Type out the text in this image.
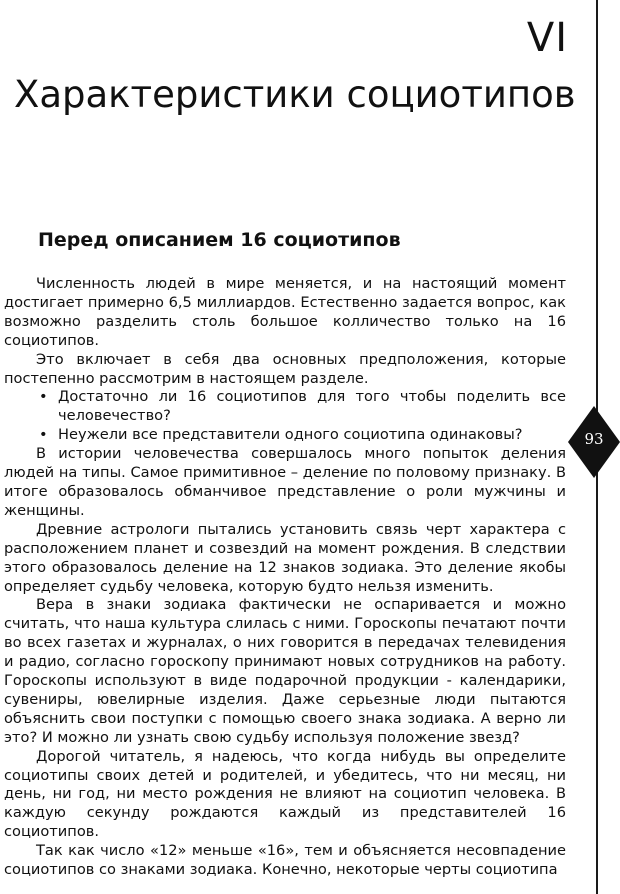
VI
Характеристики социотипов
Перед описанием 16 социотипов

Численность людей в мире меняется, и на настоящий момент достигает примерно 6,5 миллиардов. Естественно задается вопрос, как возможно разделить столь большое колличество только на 16 социотипов.

Это включает в себя два основных предположения, которые постепенно рассмотрим в настоящем разделе.

• Достаточно ли 16 социотипов для того чтобы поделить все человечество?
• Неужели все представители одного социотипа одинаковы?

В истории человечества совершалось много попыток деления людей на типы. Самое примитивное – деление по половому признаку. В итоге образовалось обманчивое представление о роли мужчины и женщины.

Древние астрологи пытались установить связь черт характера с расположением планет и созвездий на момент рождения. В следствии этого образовалось деление на 12 знаков зодиака. Это деление якобы определяет судьбу человека, которую будто нельзя изменить.

Вера в знаки зодиака фактически не оспаривается и можно считать, что наша культура слилась с ними. Гороскопы печатают почти во всех газетах и журналах, о них говорится в передачах телевидения и радио, согласно гороскопу принимают новых сотрудников на работу. Гороскопы используют в виде подарочной продукции - календарики, сувениры, ювелирные изделия. Даже серьезные люди пытаются объяснить свои поступки с помощью своего знака зодиака. А верно ли это? И можно ли узнать свою судьбу используя положение звезд?

Дорогой читатель, я надеюсь, что когда нибудь вы определите социотипы своих детей и родителей, и убедитесь, что ни месяц, ни день, ни год, ни место рождения не влияют на социотип человека. В каждую секунду рождаются каждый из представителей 16 социотипов.

Так как число «12» меньше «16», тем и объясняется несовпадение социотипов со знаками зодиака. Конечно, некоторые черты социотипа

93
